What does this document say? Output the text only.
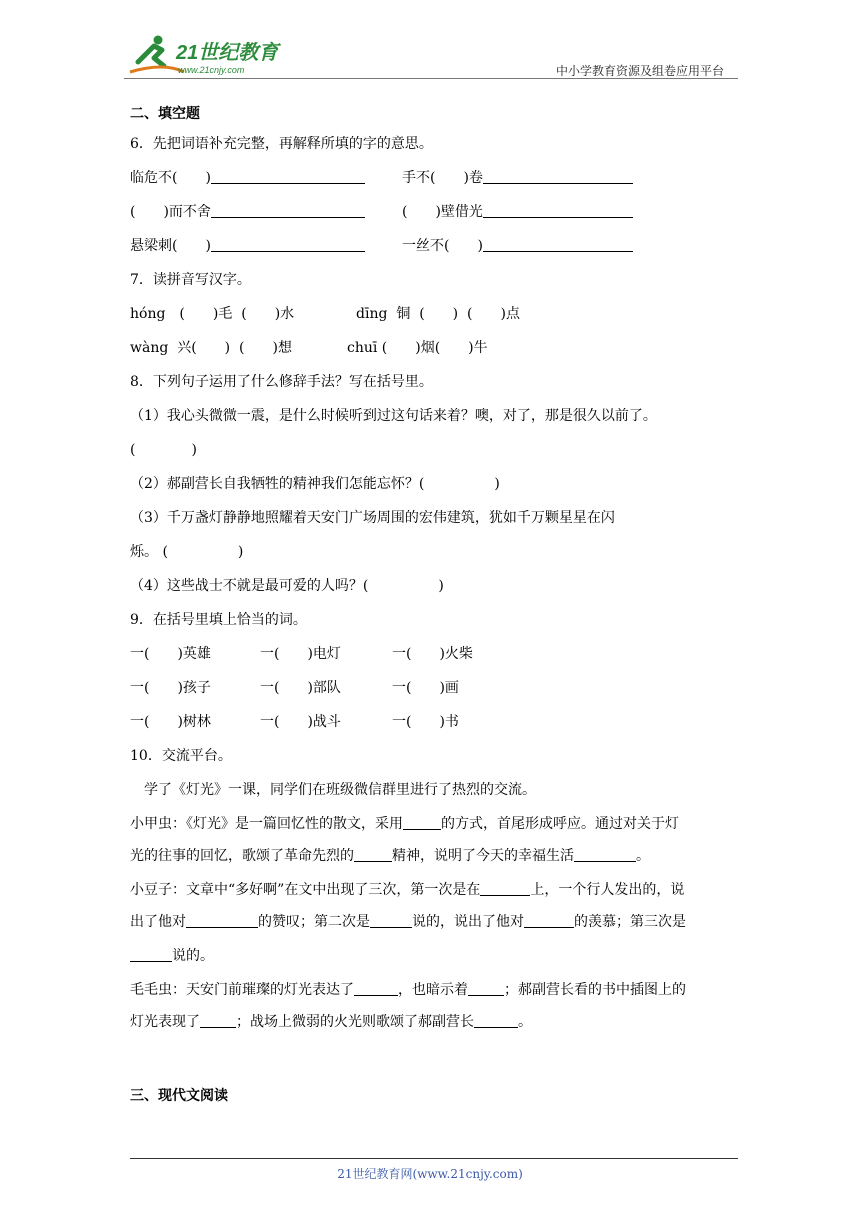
21世纪教育
www.21cnjy.com	中小学教育资源及组卷应用平台
二、填空题
6．先把词语补充完整，再解释所填的字的意思。
临危不(　　)	手不(　　)卷
(　　)而不舍	(　　)壁借光
悬梁刺(　　)	一丝不(　　)
7．读拼音写汉字。
hóng　(　　)毛  (　　)水	dīng  铜  (　　)  (　　)点
wàng  兴(　　)  (　　)想	chuī (　　)烟(　　)牛
8．下列句子运用了什么修辞手法？写在括号里。
（1）我心头微微一震，是什么时候听到过这句话来着？噢，对了，那是很久以前了。
(　　　　)
（2）郝副营长自我牺牲的精神我们怎能忘怀？(　　　　　)
（3）千万盏灯静静地照耀着天安门广场周围的宏伟建筑，犹如千万颗星星在闪
烁。 (　　　　　)
（4）这些战士不就是最可爱的人吗？(　　　　　)
9．在括号里填上恰当的词。
一(　　)英雄	一(　　)电灯	一(　　)火柴
一(　　)孩子	一(　　)部队	一(　　)画
一(　　)树林	一(　　)战斗	一(　　)书
10．交流平台。
　学了《灯光》一课，同学们在班级微信群里进行了热烈的交流。
小甲虫：《灯光》是一篇回忆性的散文，采用	的方式，首尾形成呼应。通过对关于灯
光的往事的回忆，歌颂了革命先烈的	精神，说明了今天的幸福生活	。
小豆子：文章中“多好啊”在文中出现了三次，第一次是在	上，一个行人发出的，说
出了他对	的赞叹；第二次是	说的，说出了他对	的羡慕；第三次是
说的。
毛毛虫：天安门前璀璨的灯光表达了	，也暗示着	；郝副营长看的书中插图上的
灯光表现了	；战场上微弱的火光则歌颂了郝副营长	。
三、现代文阅读
21世纪教育网(www.21cnjy.com)
